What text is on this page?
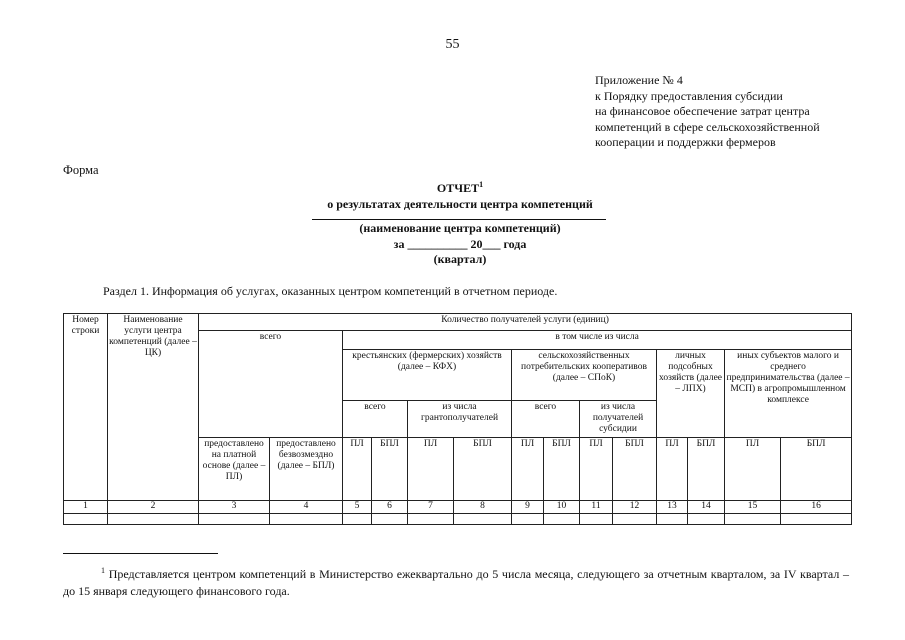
55
Приложение № 4
к Порядку предоставления субсидии
на финансовое обеспечение затрат центра
компетенций в сфере сельскохозяйственной
кооперации и поддержки фермеров
Форма
ОТЧЕТ$^1$
о результатах деятельности центра компетенций
(наименование центра компетенций)
за __________ 20___ года
(квартал)
Раздел 1. Информация об услугах, оказанных центром компетенций в отчетном периоде.
Номер строки	Наименование услуги центра компетенций (далее – ЦК)	Количество получателей услуги (единиц)													
		всего		в том числе из числа											
				крестьянских (фермерских) хозяйств (далее – КФХ)				сельскохозяйственных потребительских кооперативов (далее – СПоК)				личных подсобных хозяйств (далее – ЛПХ)		иных субъектов малого и среднего предпринимательства (далее – МСП) в агропромышленном комплексе	
				всего		из числа грантополучателей		всего		из числа получателей субсидии					
		предоставлено на платной основе (далее – ПЛ)	предоставлено безвозмездно (далее – БПЛ)	ПЛ	БПЛ	ПЛ	БПЛ	ПЛ	БПЛ	ПЛ	БПЛ	ПЛ	БПЛ	ПЛ	БПЛ
1	2	3	4	5	6	7	8	9	10	11	12	13	14	15	16

$^1$ Представляется центром компетенций в Министерство ежеквартально до 5 числа месяца, следующего за отчетным кварталом, за IV квартал – до 15 января следующего финансового года.
